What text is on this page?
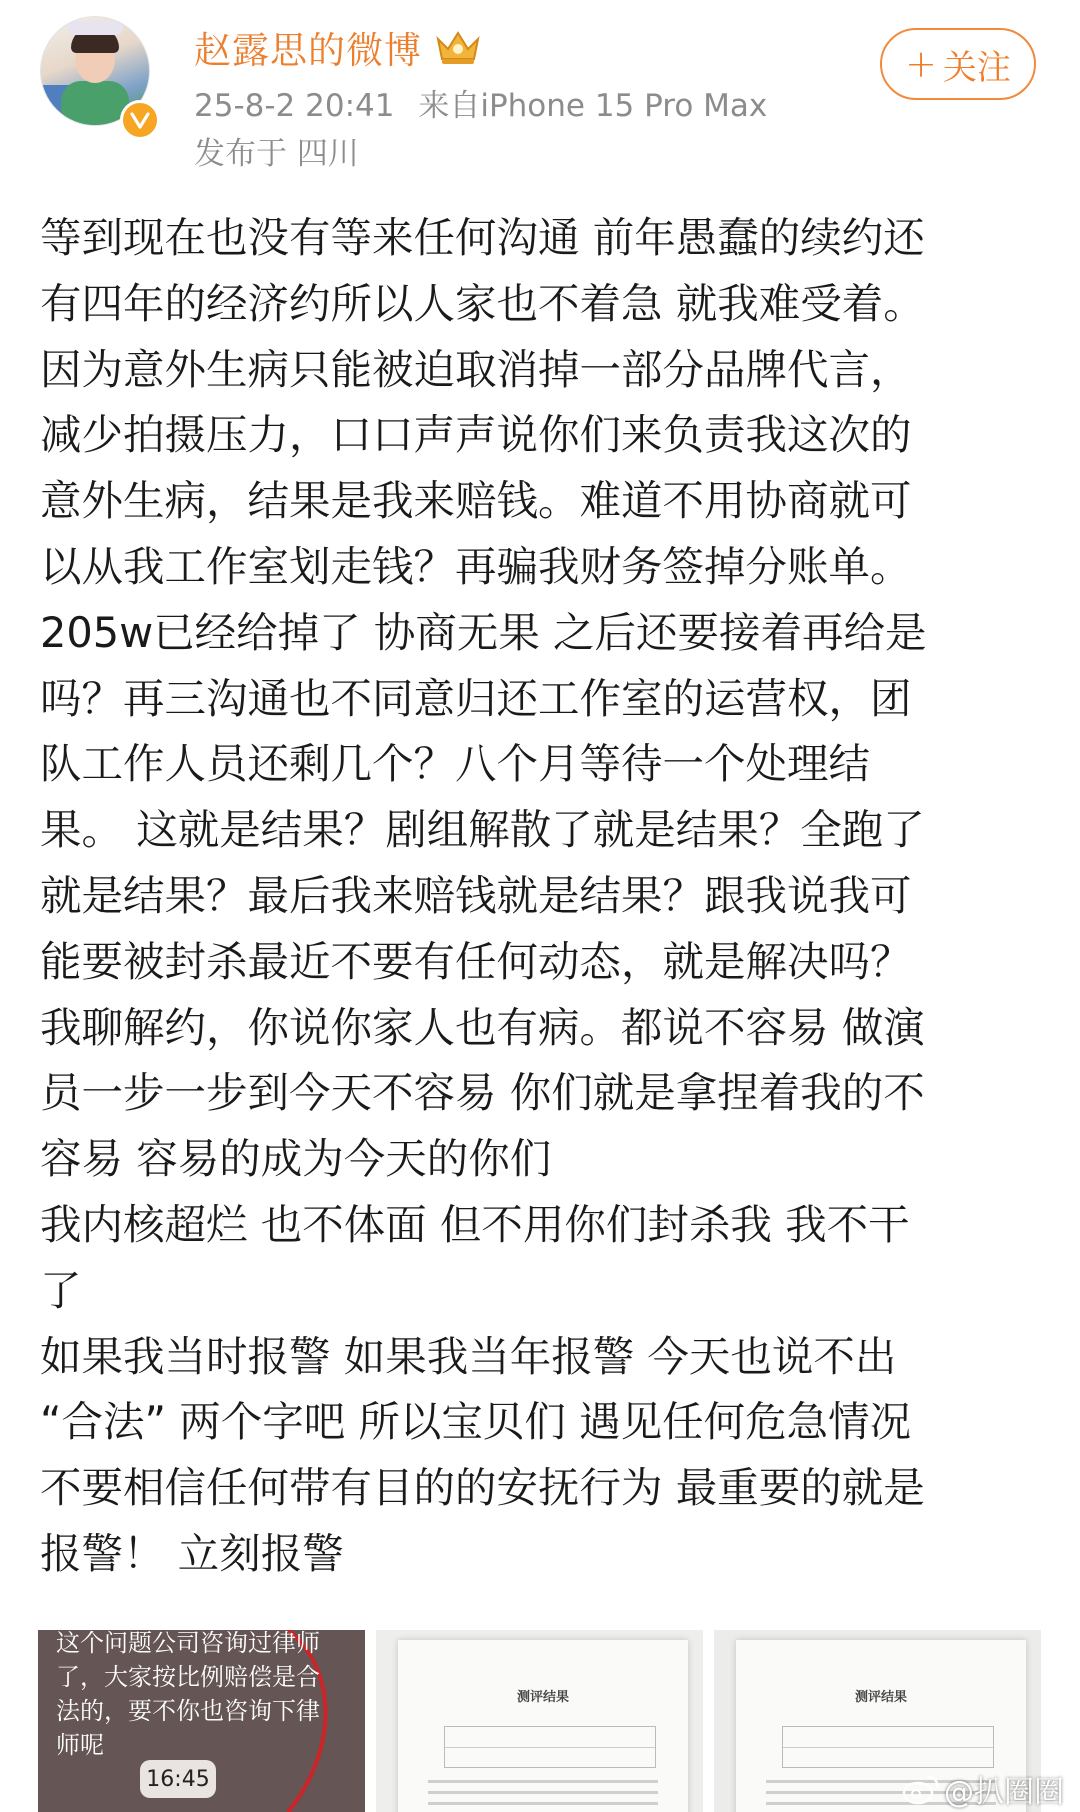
赵露思的微博
25-8-2 20:41 来自iPhone 15 Pro Max
发布于 四川
+ 关注
等到现在也没有等来任何沟通 前年愚蠢的续约还
有四年的经济约所以人家也不着急 就我难受着。
因为意外生病只能被迫取消掉一部分品牌代言，
减少拍摄压力，口口声声说你们来负责我这次的
意外生病，结果是我来赔钱。难道不用协商就可
以从我工作室划走钱？再骗我财务签掉分账单。
205w已经给掉了 协商无果 之后还要接着再给是
吗？再三沟通也不同意归还工作室的运营权，团
队工作人员还剩几个？八个月等待一个处理结
果。 这就是结果？剧组解散了就是结果？全跑了
就是结果？最后我来赔钱就是结果？跟我说我可
能要被封杀最近不要有任何动态，就是解决吗？
我聊解约，你说你家人也有病。都说不容易 做演
员一步一步到今天不容易 你们就是拿捏着我的不
容易 容易的成为今天的你们
我内核超烂 也不体面 但不用你们封杀我 我不干
了
如果我当时报警 如果我当年报警 今天也说不出
“合法” 两个字吧 所以宝贝们 遇见任何危急情况
不要相信任何带有目的的安抚行为 最重要的就是
报警！ 立刻报警
这个问题公司咨询过律师
了，大家按比例赔偿是合
法的，要不你也咨询下律
师呢
16:45
测评结果	测评结果
@扒圈圈
